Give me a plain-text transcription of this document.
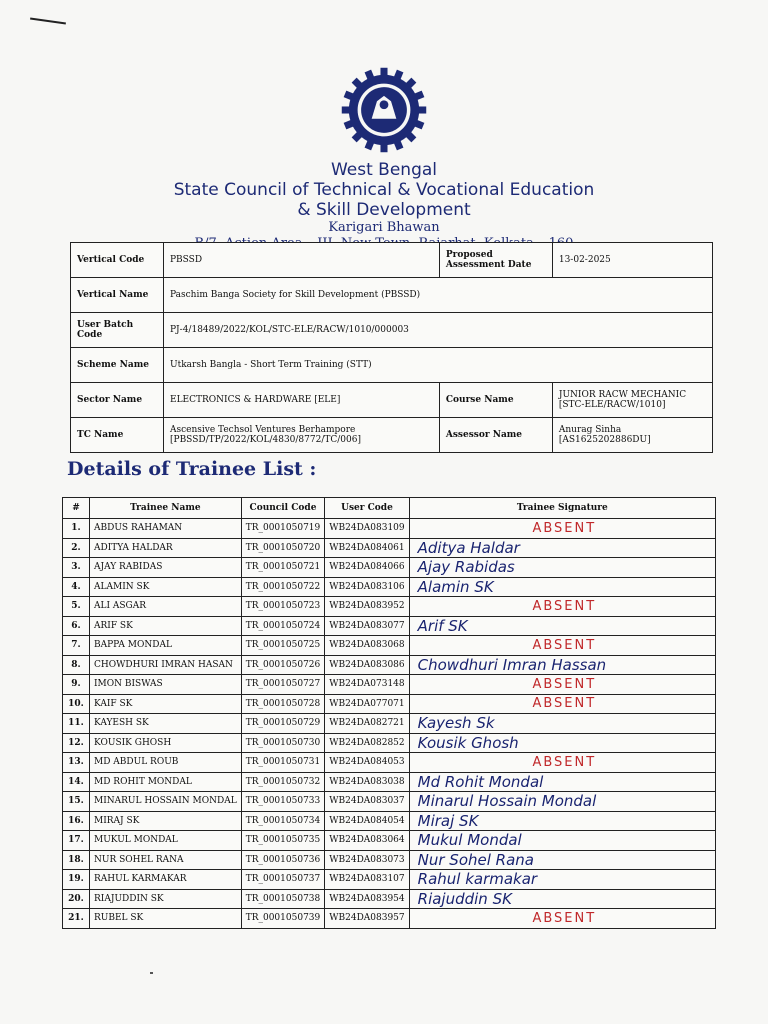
West Bengal
State Council of Technical & Vocational Education
& Skill Development
Karigari Bhawan
Vertical Code	PBSSD	Proposed Assessment Date	13-02-2025
Vertical Name	Paschim Banga Society for Skill Development (PBSSD)		
User Batch Code	PJ-4/18489/2022/KOL/STC-ELE/RACW/1010/000003		
Scheme Name	Utkarsh Bangla - Short Term Training (STT)		
Sector Name	ELECTRONICS & HARDWARE [ELE]	Course Name	JUNIOR RACW MECHANIC [STC-ELE/RACW/1010]
TC Name	Ascensive Techsol Ventures Berhampore [PBSSD/TP/2022/KOL/4830/8772/TC/006]	Assessor Name	Anurag Sinha [AS1625202886DU]
Details of Trainee List :
#	Trainee Name	Council Code	User Code	Trainee Signature
1.	ABDUS RAHAMAN	TR_0001050719	WB24DA083109	ABSENT
2.	ADITYA HALDAR	TR_0001050720	WB24DA084061	Aditya Haldar
3.	AJAY RABIDAS	TR_0001050721	WB24DA084066	Ajay Rabidas
4.	ALAMIN SK	TR_0001050722	WB24DA083106	Alamin SK
5.	ALI ASGAR	TR_0001050723	WB24DA083952	ABSENT
6.	ARIF SK	TR_0001050724	WB24DA083077	Arif SK
7.	BAPPA MONDAL	TR_0001050725	WB24DA083068	ABSENT
8.	CHOWDHURI IMRAN HASAN	TR_0001050726	WB24DA083086	Chowdhuri Imran Hassan
9.	IMON BISWAS	TR_0001050727	WB24DA073148	ABSENT
10.	KAIF SK	TR_0001050728	WB24DA077071	ABSENT
11.	KAYESH SK	TR_0001050729	WB24DA082721	Kayesh Sk
12.	KOUSIK GHOSH	TR_0001050730	WB24DA082852	Kousik Ghosh
13.	MD ABDUL ROUB	TR_0001050731	WB24DA084053	ABSENT
14.	MD ROHIT MONDAL	TR_0001050732	WB24DA083038	Md Rohit Mondal
15.	MINARUL HOSSAIN MONDAL	TR_0001050733	WB24DA083037	Minarul Hossain Mondal
16.	MIRAJ SK	TR_0001050734	WB24DA084054	Miraj SK
17.	MUKUL MONDAL	TR_0001050735	WB24DA083064	Mukul Mondal
18.	NUR SOHEL RANA	TR_0001050736	WB24DA083073	Nur Sohel Rana
19.	RAHUL KARMAKAR	TR_0001050737	WB24DA083107	Rahul karmakar
20.	RIAJUDDIN SK	TR_0001050738	WB24DA083954	Riajuddin SK
21.	RUBEL SK	TR_0001050739	WB24DA083957	ABSENT
